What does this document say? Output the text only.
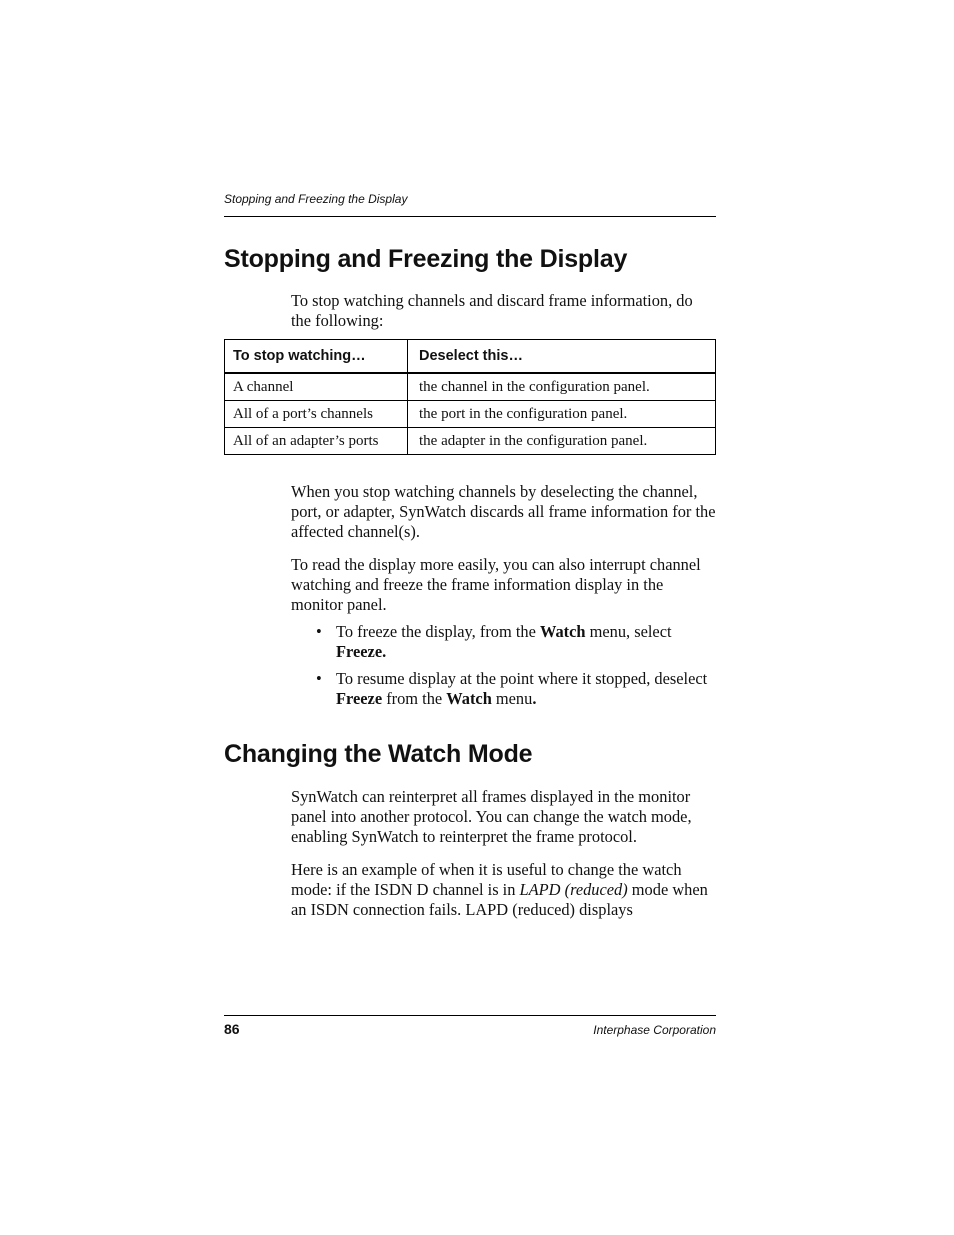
Stopping and Freezing the Display
Stopping and Freezing the Display

To stop watching channels and discard frame information, do the following:

To stop watching…	Deselect this…
A channel	the channel in the configuration panel.
All of a port’s channels	the port in the configuration panel.
All of an adapter’s ports	the adapter in the configuration panel.

When you stop watching channels by deselecting the channel, port, or adapter, SynWatch discards all frame information for the affected channel(s).

To read the display more easily, you can also interrupt channel watching and freeze the frame information display in the monitor panel.

• To freeze the display, from the Watch menu, select Freeze.
• To resume display at the point where it stopped, deselect Freeze from the Watch menu.
Changing the Watch Mode

SynWatch can reinterpret all frames displayed in the monitor panel into another protocol. You can change the watch mode, enabling SynWatch to reinterpret the frame protocol.

Here is an example of when it is useful to change the watch mode: if the ISDN D channel is in LAPD (reduced) mode when an ISDN connection fails. LAPD (reduced) displays

86	Interphase Corporation
